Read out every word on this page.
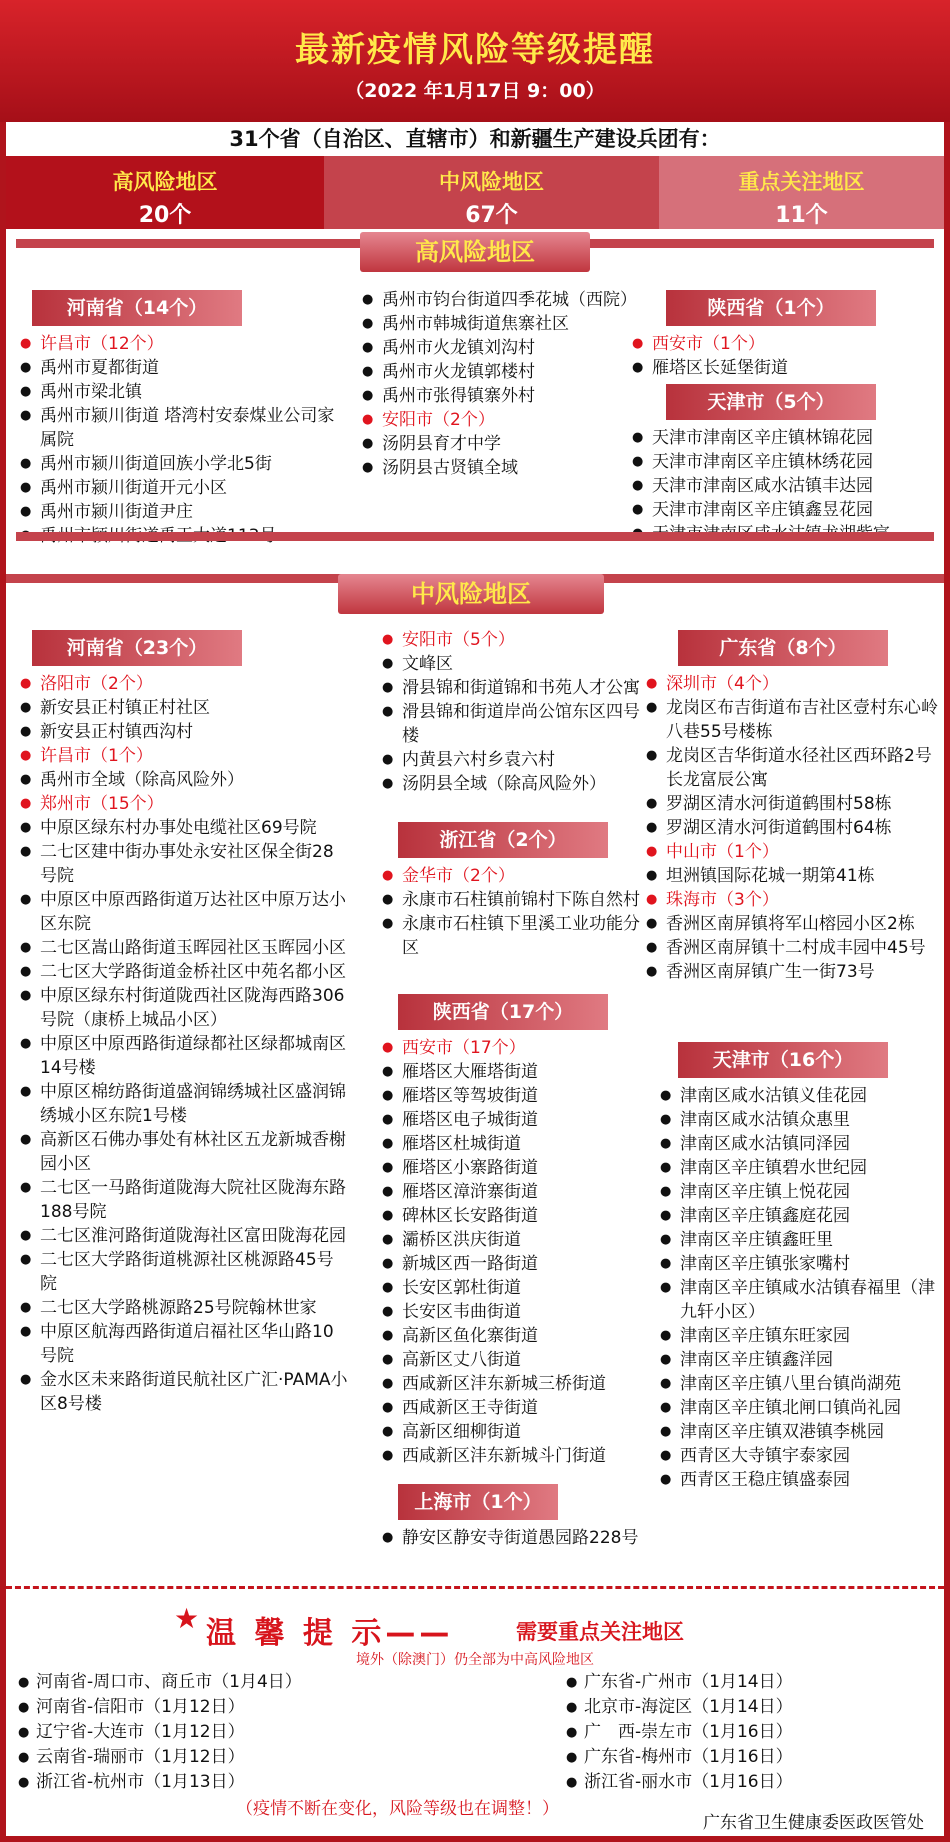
最新疫情风险等级提醒
（2022 年1月17日 9：00）
31个省（自治区、直辖市）和新疆生产建设兵团有：
高风险地区
20个
中风险地区
67个
重点关注地区
11个
高风险地区
河南省（14个）
● 许昌市（12个）
● 禹州市夏都街道
● 禹州市梁北镇
● 禹州市颍川街道 塔湾村安泰煤业公司家属院
● 禹州市颍川街道回族小学北5街
● 禹州市颍川街道开元小区
● 禹州市颍川街道尹庄
●
● 禹州市钧台街道四季花城（西院）
● 禹州市韩城街道焦寨社区
● 禹州市火龙镇刘沟村
● 禹州市火龙镇郭楼村
● 禹州市张得镇寨外村
● 安阳市（2个）
● 汤阴县育才中学
● 汤阴县古贤镇全域
陕西省（1个）
● 西安市（1个）
● 雁塔区长延堡街道
天津市（5个）
● 天津市津南区辛庄镇林锦花园
● 天津市津南区辛庄镇林绣花园
● 天津市津南区咸水沽镇丰达园
● 天津市津南区辛庄镇鑫昱花园
●
中风险地区
河南省（23个）
● 洛阳市（2个）
● 新安县正村镇正村社区
● 新安县正村镇西沟村
● 许昌市（1个）
● 禹州市全域（除高风险外）
● 郑州市（15个）
● 中原区绿东村办事处电缆社区69号院
● 二七区建中街办事处永安社区保全街28号院
● 中原区中原西路街道万达社区中原万达小区东院
● 二七区嵩山路街道玉晖园社区玉晖园小区
● 二七区大学路街道金桥社区中苑名都小区
● 中原区绿东村街道陇西社区陇海西路306号院（康桥上城品小区）
● 中原区中原西路街道绿都社区绿都城南区14号楼
● 中原区棉纺路街道盛润锦绣城社区盛润锦绣城小区东院1号楼
● 高新区石佛办事处有林社区五龙新城香榭园小区
● 二七区一马路街道陇海大院社区陇海东路188号院
● 二七区淮河路街道陇海社区富田陇海花园
● 二七区大学路街道桃源社区桃源路45号院
● 二七区大学路桃源路25号院翰林世家
● 中原区航海西路街道启福社区华山路10号院
● 金水区未来路街道民航社区广汇·PAMA小区8号楼
● 安阳市（5个）
● 文峰区
● 滑县锦和街道锦和书苑人才公寓
● 滑县锦和街道岸尚公馆东区四号楼
● 内黄县六村乡袁六村
● 汤阴县全域（除高风险外）
浙江省（2个）
● 金华市（2个）
● 永康市石柱镇前锦村下陈自然村
● 永康市石柱镇下里溪工业功能分区
陕西省（17个）
● 西安市（17个）
● 雁塔区大雁塔街道
● 雁塔区等驾坡街道
● 雁塔区电子城街道
● 雁塔区杜城街道
● 雁塔区小寨路街道
● 雁塔区漳浒寨街道
● 碑林区长安路街道
● 灞桥区洪庆街道
● 新城区西一路街道
● 长安区郭杜街道
● 长安区韦曲街道
● 高新区鱼化寨街道
● 高新区丈八街道
● 西咸新区沣东新城三桥街道
● 西咸新区王寺街道
● 高新区细柳街道
● 西咸新区沣东新城斗门街道
上海市（1个）
● 静安区静安寺街道愚园路228号
广东省（8个）
● 深圳市（4个）
● 龙岗区布吉街道布吉社区壹村东心岭八巷55号楼栋
● 龙岗区吉华街道水径社区西环路2号长龙富辰公寓
● 罗湖区清水河街道鹤围村58栋
● 罗湖区清水河街道鹤围村64栋
● 中山市（1个）
● 坦洲镇国际花城一期第41栋
● 珠海市（3个）
● 香洲区南屏镇将军山榕园小区2栋
● 香洲区南屏镇十二村成丰园中45号
● 香洲区南屏镇广生一街73号
天津市（16个）
● 津南区咸水沽镇义佳花园
● 津南区咸水沽镇众惠里
● 津南区咸水沽镇同泽园
● 津南区辛庄镇碧水世纪园
● 津南区辛庄镇上悦花园
● 津南区辛庄镇鑫庭花园
● 津南区辛庄镇鑫旺里
● 津南区辛庄镇张家嘴村
● 津南区辛庄镇咸水沽镇春福里（津九轩小区）
● 津南区辛庄镇东旺家园
● 津南区辛庄镇鑫洋园
● 津南区辛庄镇八里台镇尚湖苑
● 津南区辛庄镇北闸口镇尚礼园
● 津南区辛庄镇双港镇李桃园
● 西青区大寺镇宇泰家园
● 西青区王稳庄镇盛泰园
★ 温 馨 提 示——	需要重点关注地区
境外（除澳门）仍全部为中高风险地区
● 河南省-周口市、商丘市（1月4日）
● 河南省-信阳市（1月12日）
● 辽宁省-大连市（1月12日）
● 云南省-瑞丽市（1月12日）
● 浙江省-杭州市（1月13日）
● 广东省-广州市（1月14日）
● 北京市-海淀区（1月14日）
● 广　西-崇左市（1月16日）
● 广东省-梅州市（1月16日）
● 浙江省-丽水市（1月16日）
（疫情不断在变化，风险等级也在调整！）
广东省卫生健康委医政医管处
